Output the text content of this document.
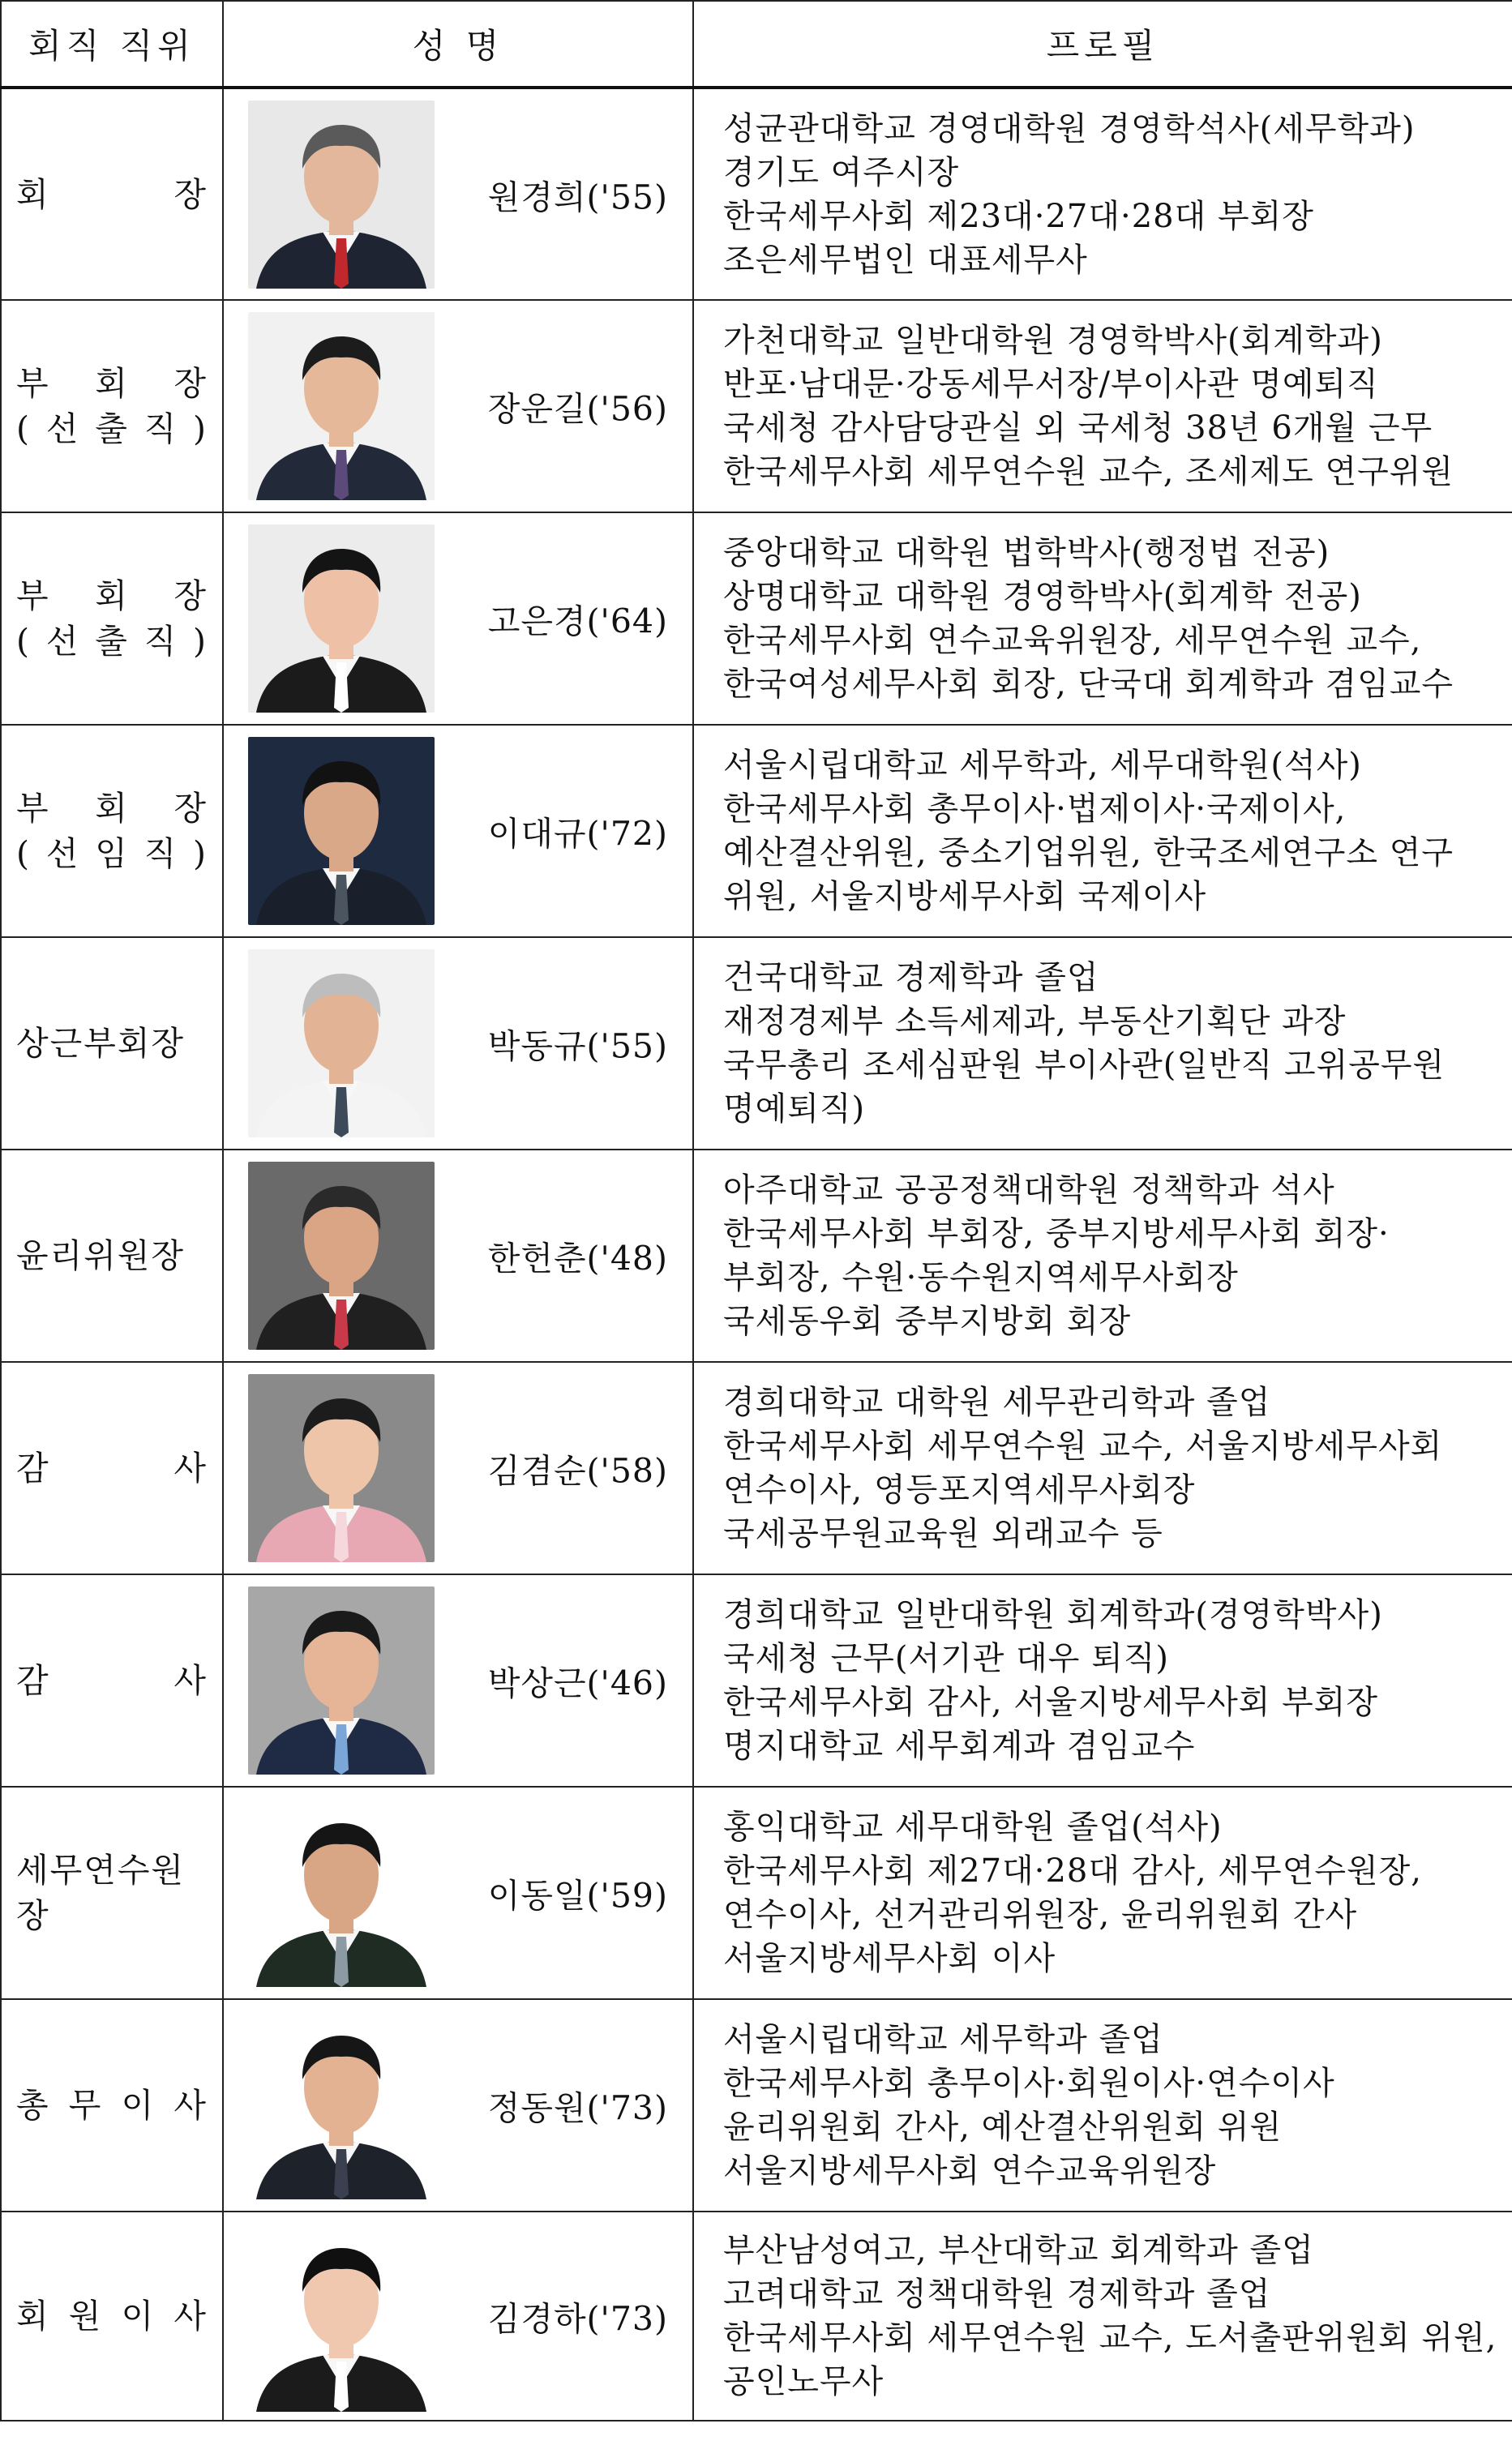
회직 직위	성 명	프로필

회 장	원경희('55)	성균관대학교 경영대학원 경영학석사(세무학과)
경기도 여주시장
한국세무사회 제23대·27대·28대 부회장
조은세무법인 대표세무사

부 회 장
( 선 출 직 )	장운길('56)	가천대학교 일반대학원 경영학박사(회계학과)
반포·남대문·강동세무서장/부이사관 명예퇴직
국세청 감사담당관실 외 국세청 38년 6개월 근무
한국세무사회 세무연수원 교수, 조세제도 연구위원

부 회 장
( 선 출 직 )	고은경('64)	중앙대학교 대학원 법학박사(행정법 전공)
상명대학교 대학원 경영학박사(회계학 전공)
한국세무사회 연수교육위원장, 세무연수원 교수,
한국여성세무사회 회장, 단국대 회계학과 겸임교수

부 회 장
( 선 임 직 )	이대규('72)	서울시립대학교 세무학과, 세무대학원(석사)
한국세무사회 총무이사·법제이사·국제이사,
예산결산위원, 중소기업위원, 한국조세연구소 연구
위원, 서울지방세무사회 국제이사

상근부회장	박동규('55)	건국대학교 경제학과 졸업
재정경제부 소득세제과, 부동산기획단 과장
국무총리 조세심판원 부이사관(일반직 고위공무원
명예퇴직)

윤리위원장	한헌춘('48)	아주대학교 공공정책대학원 정책학과 석사
한국세무사회 부회장, 중부지방세무사회 회장·
부회장, 수원·동수원지역세무사회장
국세동우회 중부지방회 회장

감 사	김겸순('58)	경희대학교 대학원 세무관리학과 졸업
한국세무사회 세무연수원 교수, 서울지방세무사회
연수이사, 영등포지역세무사회장
국세공무원교육원 외래교수 등

감 사	박상근('46)	경희대학교 일반대학원 회계학과(경영학박사)
국세청 근무(서기관 대우 퇴직)
한국세무사회 감사, 서울지방세무사회 부회장
명지대학교 세무회계과 겸임교수

세무연수원장	이동일('59)	홍익대학교 세무대학원 졸업(석사)
한국세무사회 제27대·28대 감사, 세무연수원장,
연수이사, 선거관리위원장, 윤리위원회 간사
서울지방세무사회 이사

총 무 이 사	정동원('73)	서울시립대학교 세무학과 졸업
한국세무사회 총무이사·회원이사·연수이사
윤리위원회 간사, 예산결산위원회 위원
서울지방세무사회 연수교육위원장

회 원 이 사	김경하('73)	부산남성여고, 부산대학교 회계학과 졸업
고려대학교 정책대학원 경제학과 졸업
한국세무사회 세무연수원 교수, 도서출판위원회 위원,
공인노무사
